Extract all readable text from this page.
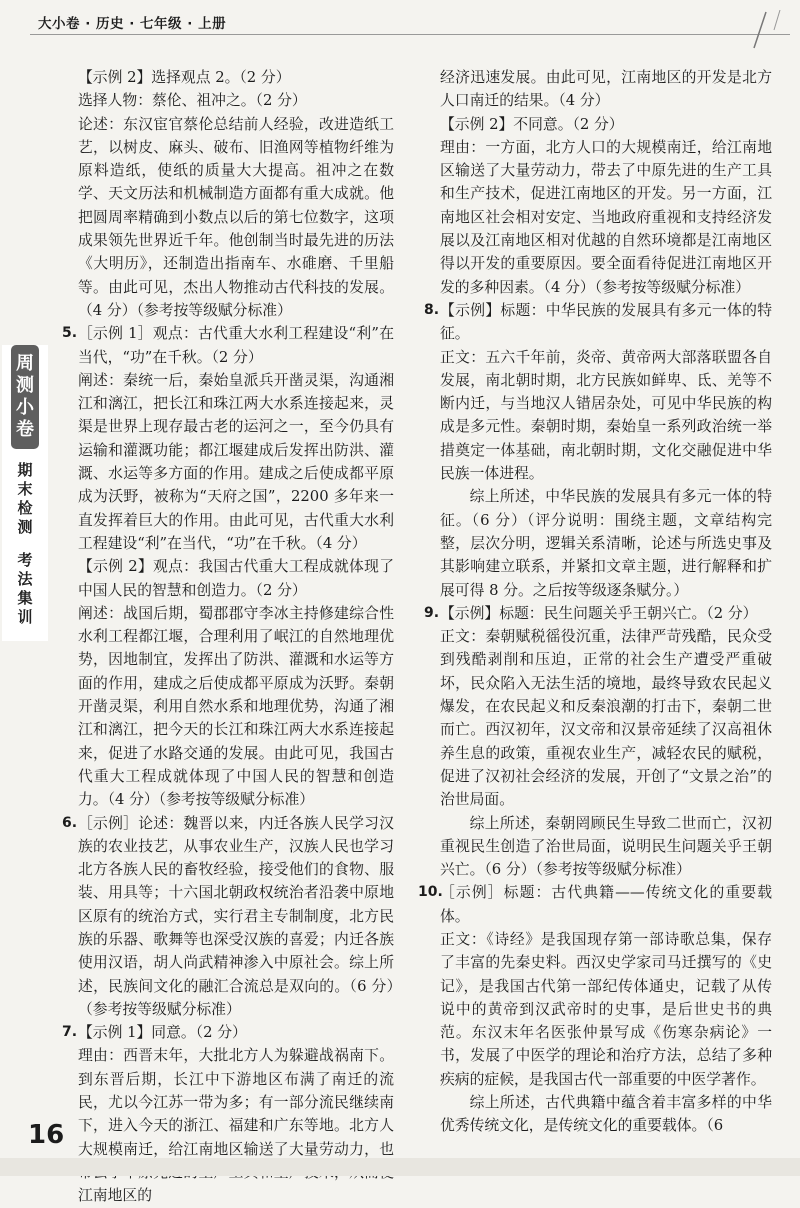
大小卷 · 历史 · 七年级 · 上册
周测小卷
期末检测
考法集训

【示例 2】选择观点 2。（2 分）

选择人物：蔡伦、祖冲之。（2 分）

论述：东汉宦官蔡伦总结前人经验，改进造纸工艺，以树皮、麻头、破布、旧渔网等植物纤维为原料造纸，使纸的质量大大提高。祖冲之在数学、天文历法和机械制造方面都有重大成就。他把圆周率精确到小数点以后的第七位数字，这项成果领先世界近千年。他创制当时最先进的历法《大明历》，还制造出指南车、水碓磨、千里船等。由此可见，杰出人物推动古代科技的发展。（4 分）（参考按等级赋分标准）

5. ［示例 1］观点：古代重大水利工程建设“利”在当代，“功”在千秋。（2 分）

阐述：秦统一后，秦始皇派兵开凿灵渠，沟通湘江和漓江，把长江和珠江两大水系连接起来，灵渠是世界上现存最古老的运河之一，至今仍具有运输和灌溉功能；都江堰建成后发挥出防洪、灌溉、水运等多方面的作用。建成之后使成都平原成为沃野，被称为“天府之国”，2200 多年来一直发挥着巨大的作用。由此可见，古代重大水利工程建设“利”在当代，“功”在千秋。（4 分）

【示例 2】观点：我国古代重大工程成就体现了中国人民的智慧和创造力。（2 分）

阐述：战国后期，蜀郡郡守李冰主持修建综合性水利工程都江堰，合理利用了岷江的自然地理优势，因地制宜，发挥出了防洪、灌溉和水运等方面的作用，建成之后使成都平原成为沃野。秦朝开凿灵渠，利用自然水系和地理优势，沟通了湘江和漓江，把今天的长江和珠江两大水系连接起来，促进了水路交通的发展。由此可见，我国古代重大工程成就体现了中国人民的智慧和创造力。（4 分）（参考按等级赋分标准）

6. ［示例］论述：魏晋以来，内迁各族人民学习汉族的农业技艺，从事农业生产，汉族人民也学习北方各族人民的畜牧经验，接受他们的食物、服装、用具等；十六国北朝政权统治者沿袭中原地区原有的统治方式，实行君主专制制度，北方民族的乐器、歌舞等也深受汉族的喜爱；内迁各族使用汉语，胡人尚武精神渗入中原社会。综上所述，民族间文化的融汇合流总是双向的。（6 分）（参考按等级赋分标准）

7. 【示例 1】同意。（2 分）

理由：西晋末年，大批北方人为躲避战祸南下。到东晋后期，长江中下游地区布满了南迁的流民，尤以今江苏一带为多；有一部分流民继续南下，进入今天的浙江、福建和广东等地。北方人大规模南迁，给江南地区输送了大量劳动力，也 江南地区的

经济迅速发展。由此可见，江南地区的开发是北方人口南迁的结果。（4 分）

【示例 2】不同意。（2 分）

理由：一方面，北方人口的大规模南迁，给江南地区输送了大量劳动力，带去了中原先进的生产工具和生产技术，促进江南地区的开发。另一方面，江南地区社会相对安定、当地政府重视和支持经济发展以及江南地区相对优越的自然环境都是江南地区得以开发的重要原因。要全面看待促进江南地区开发的多种因素。（4 分）（参考按等级赋分标准）

8. 【示例】标题：中华民族的发展具有多元一体的特征。

正文：五六千年前，炎帝、黄帝两大部落联盟各自发展，南北朝时期，北方民族如鲜卑、氐、羌等不断内迁，与当地汉人错居杂处，可见中华民族的构成是多元性。秦朝时期，秦始皇一系列政治统一举措奠定一体基础，南北朝时期，文化交融促进中华民族一体进程。

综上所述，中华民族的发展具有多元一体的特征。（6 分）（评分说明：围绕主题，文章结构完整，层次分明，逻辑关系清晰，论述与所选史事及其影响建立联系，并紧扣文章主题，进行解释和扩展可得 8 分。之后按等级逐条赋分。）

9. 【示例】标题：民生问题关乎王朝兴亡。（2 分）

正文：秦朝赋税徭役沉重，法律严苛残酷，民众受到残酷剥削和压迫，正常的社会生产遭受严重破坏，民众陷入无法生活的境地，最终导致农民起义爆发，在农民起义和反秦浪潮的打击下，秦朝二世而亡。西汉初年，汉文帝和汉景帝延续了汉高祖休养生息的政策，重视农业生产，减轻农民的赋税，促进了汉初社会经济的发展，开创了“文景之治”的治世局面。

综上所述，秦朝罔顾民生导致二世而亡，汉初重视民生创造了治世局面，说明民生问题关乎王朝兴亡。（6 分）（参考按等级赋分标准）

10.

［示例］标题：古代典籍——传统文化的重要载体。

正文：《诗经》是我国现存第一部诗歌总集，保存了丰富的先秦史料。西汉史学家司马迁撰写的《史记》，是我国古代第一部纪传体通史，记载了从传说中的黄帝到汉武帝时的史事，是后世史书的典范。东汉末年名医张仲景写成《伤寒杂病论》一书，发展了中医学的理论和治疗方法，总结了多种疾病的症候，是我国古代一部重要的中医学著作。

综上所述，古代典籍中蕴含着丰富多样的中华优秀传统文化，是传统文化的重要载体。（6

16
